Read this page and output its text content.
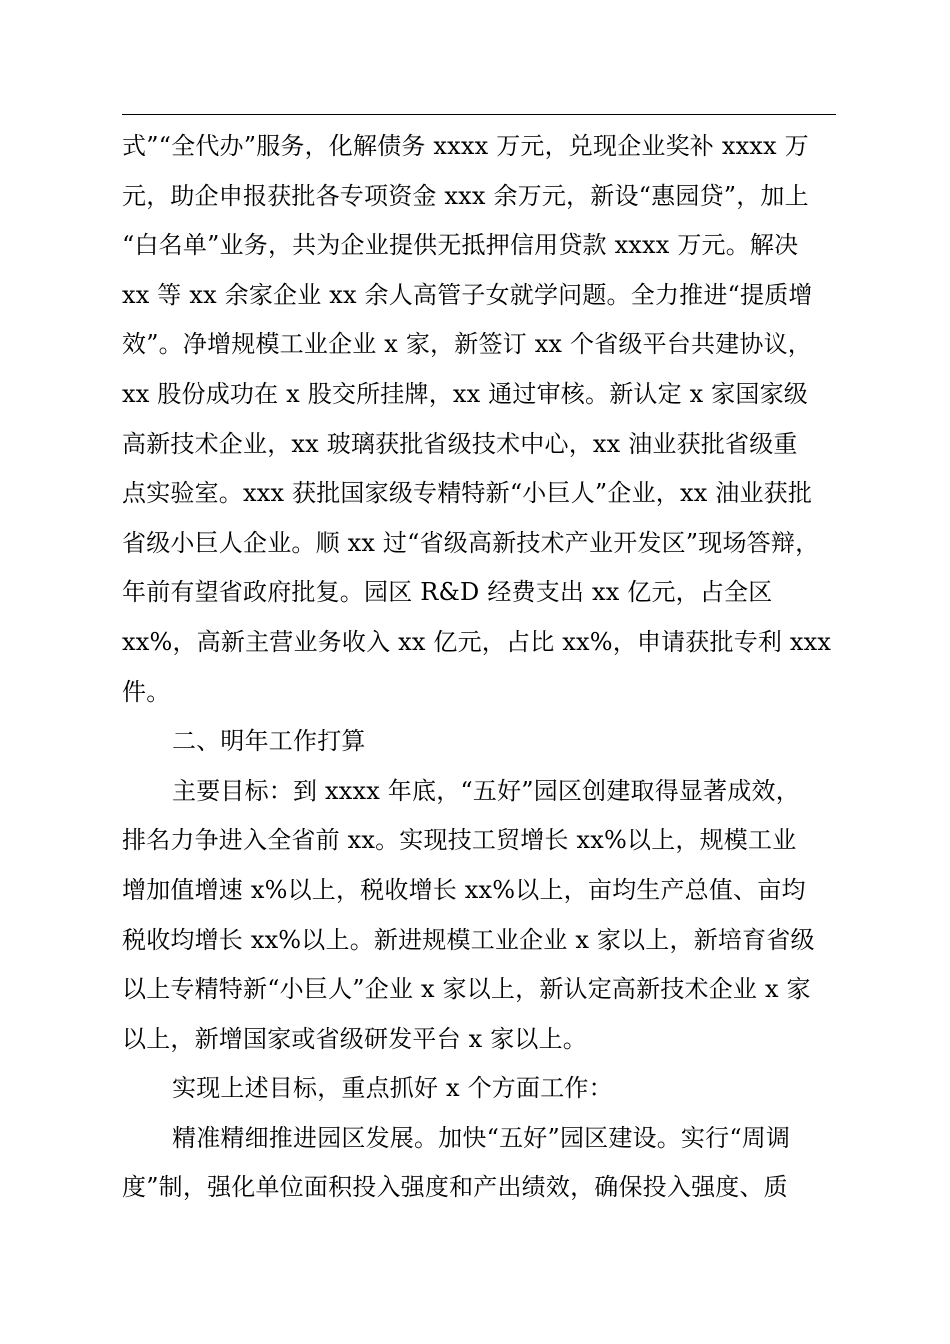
式”“全代办”服务，化解债务 xxxx 万元，兑现企业奖补 xxxx 万
元，助企申报获批各专项资金 xxx 余万元，新设“惠园贷”，加上
“白名单”业务，共为企业提供无抵押信用贷款 xxxx 万元。解决
xx 等 xx 余家企业 xx 余人高管子女就学问题。全力推进“提质增
效”。净增规模工业企业 x 家，新签订 xx 个省级平台共建协议，
xx 股份成功在 x 股交所挂牌，xx 通过审核。新认定 x 家国家级
高新技术企业，xx 玻璃获批省级技术中心，xx 油业获批省级重
点实验室。xxx 获批国家级专精特新“小巨人”企业，xx 油业获批
省级小巨人企业。顺 xx 过“省级高新技术产业开发区”现场答辩，
年前有望省政府批复。园区 R&D 经费支出 xx 亿元，占全区
xx%，高新主营业务收入 xx 亿元，占比 xx%，申请获批专利 xxx
件。
二、明年工作打算
主要目标：到 xxxx 年底，“五好”园区创建取得显著成效，
排名力争进入全省前 xx。实现技工贸增长 xx%以上，规模工业
增加值增速 x%以上，税收增长 xx%以上，亩均生产总值、亩均
税收均增长 xx%以上。新进规模工业企业 x 家以上，新培育省级
以上专精特新“小巨人”企业 x 家以上，新认定高新技术企业 x 家
以上，新增国家或省级研发平台 x 家以上。
实现上述目标，重点抓好 x 个方面工作：
精准精细推进园区发展。加快“五好”园区建设。实行“周调
度”制，强化单位面积投入强度和产出绩效，确保投入强度、质
